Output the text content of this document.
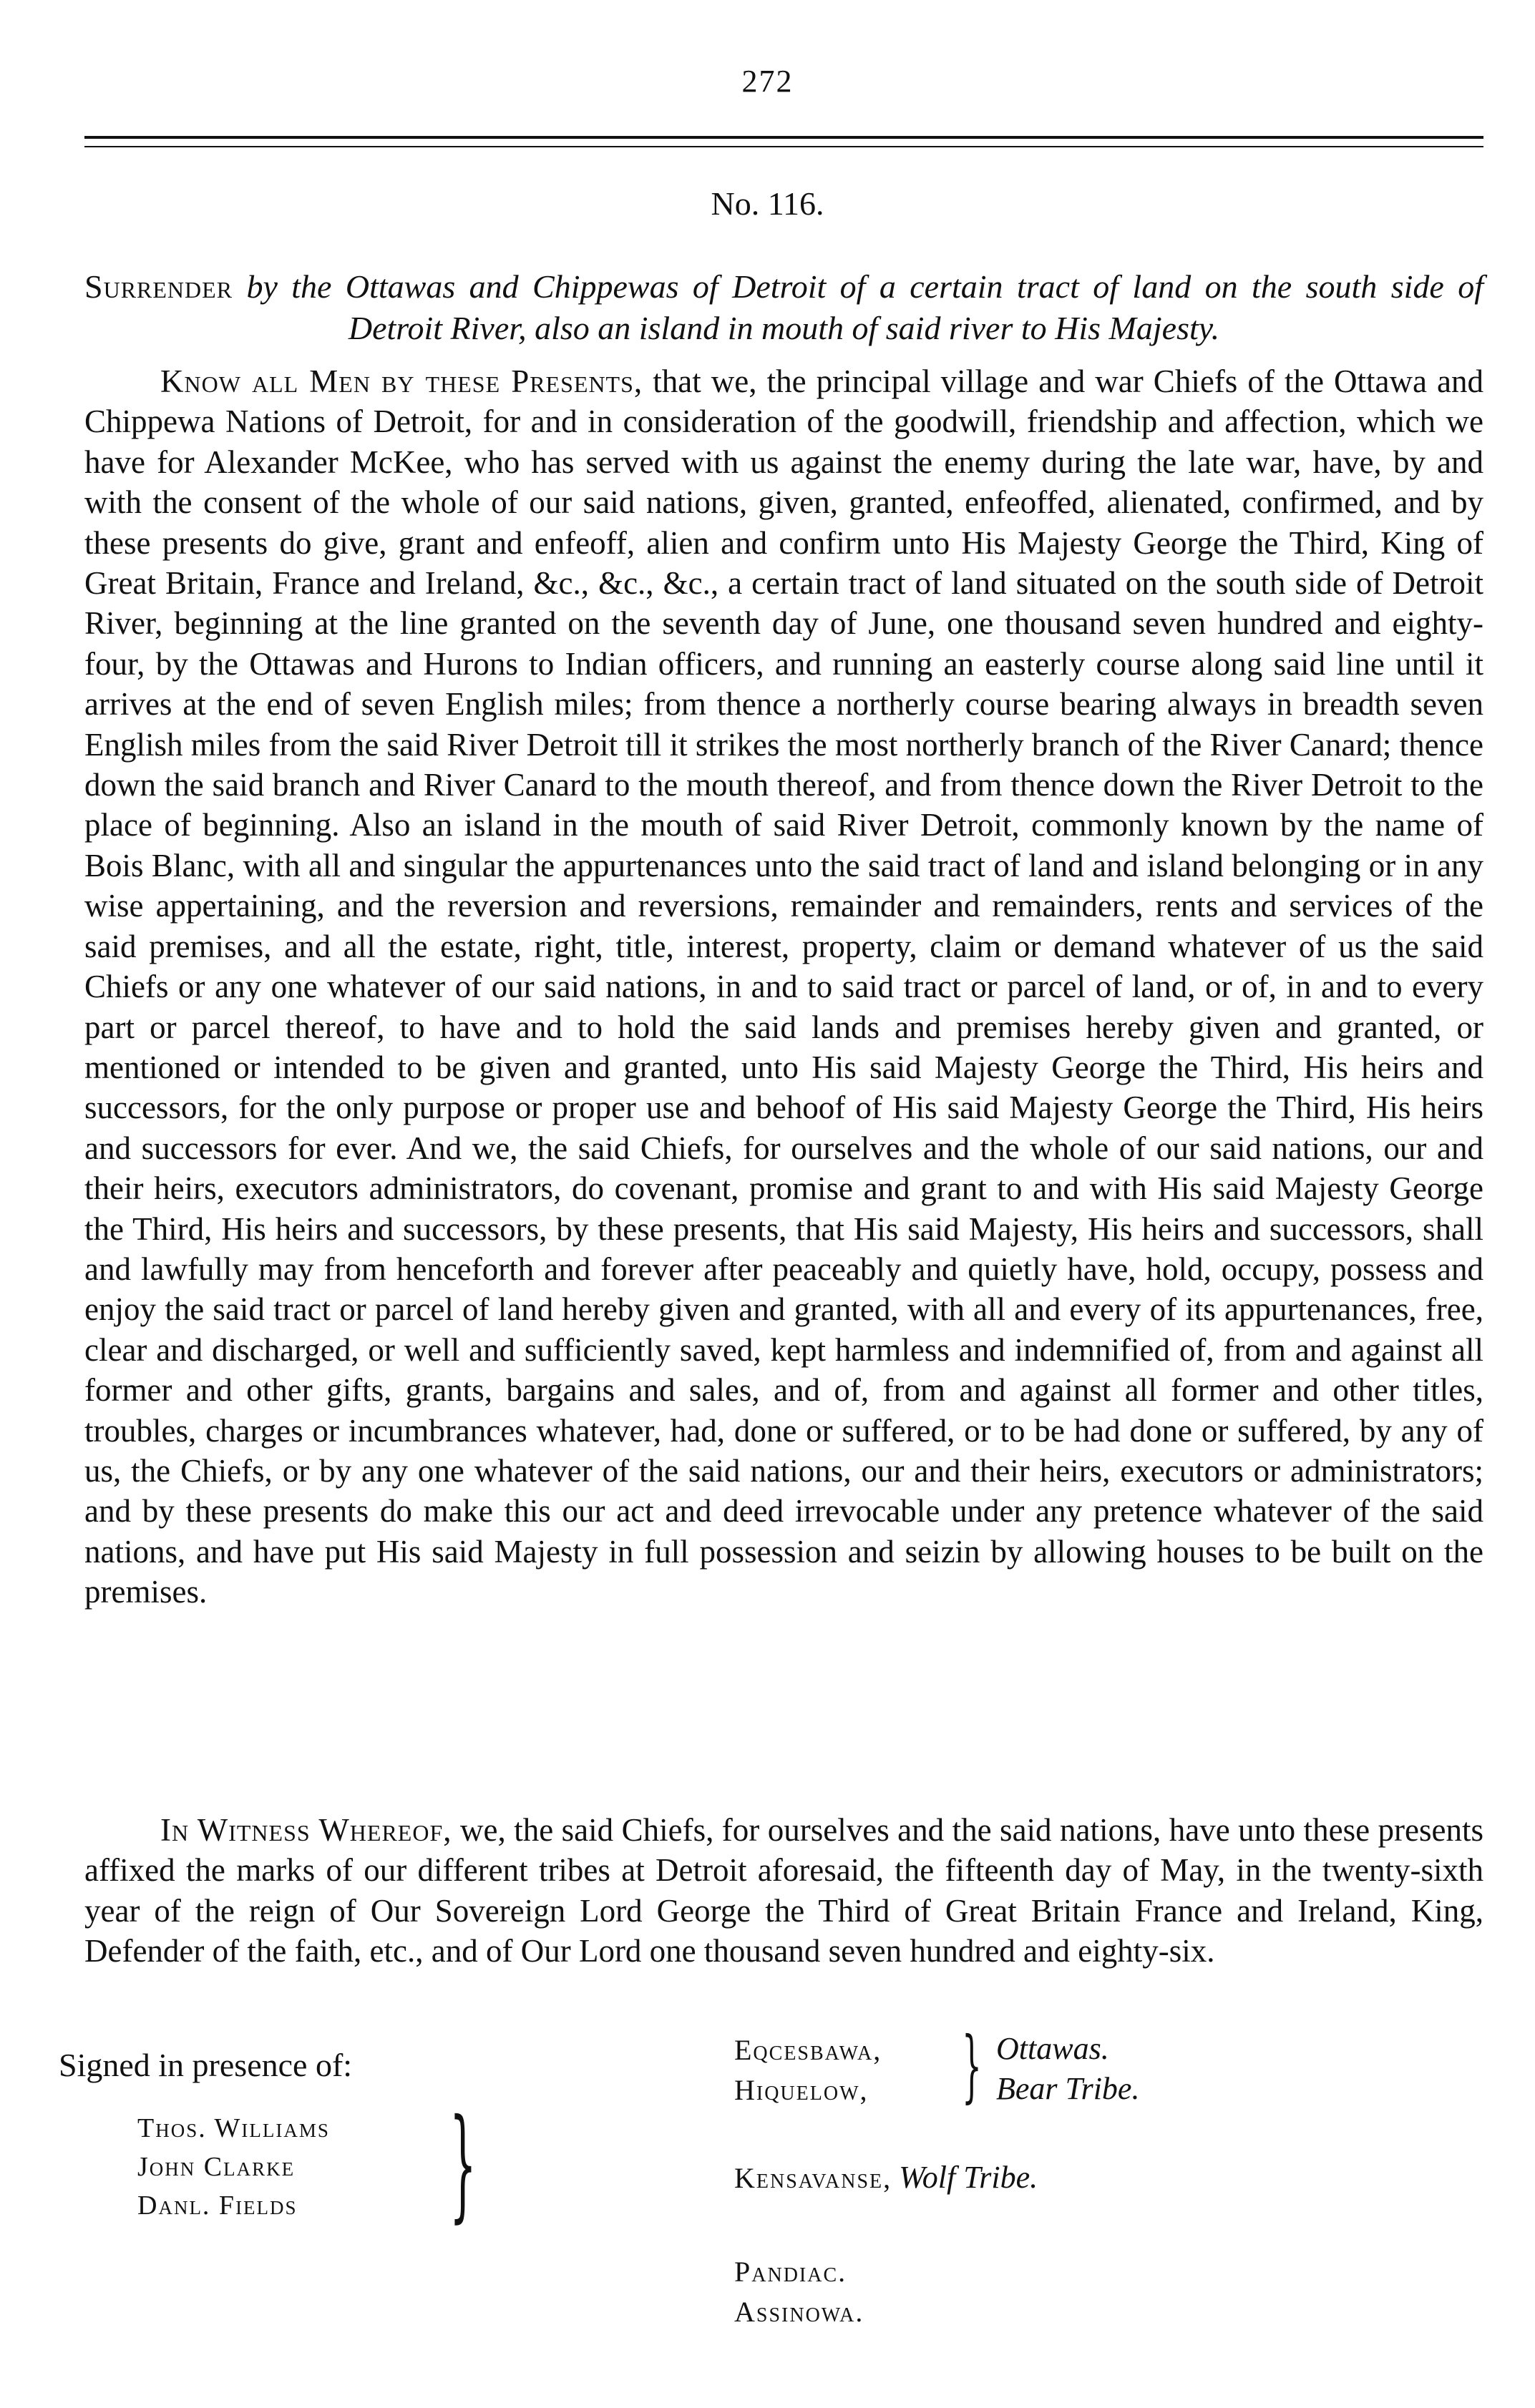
272
No. 116.
Surrender by the Ottawas and Chippewas of Detroit of a certain tract of land on the south side of Detroit River, also an island in mouth of said river to His Majesty.

Know all Men by these Presents, that we, the principal village and war Chiefs of the Ottawa and Chippewa Nations of Detroit, for and in consideration of the goodwill, friendship and affection, which we have for Alexander McKee, who has served with us against the enemy during the late war, have, by and with the consent of the whole of our said nations, given, granted, enfeoffed, alienated, confirmed, and by these presents do give, grant and enfeoff, alien and confirm unto His Majesty George the Third, King of Great Britain, France and Ireland, &c., &c., &c., a certain tract of land situated on the south side of Detroit River, beginning at the line granted on the seventh day of June, one thousand seven hundred and eighty-four, by the Ottawas and Hurons to Indian officers, and running an easterly course along said line until it arrives at the end of seven English miles; from thence a northerly course bearing always in breadth seven English miles from the said River Detroit till it strikes the most northerly branch of the River Canard; thence down the said branch and River Canard to the mouth thereof, and from thence down the River Detroit to the place of beginning. Also an island in the mouth of said River Detroit, commonly known by the name of Bois Blanc, with all and singular the appurtenances unto the said tract of land and island belonging or in any wise appertaining, and the reversion and reversions, remainder and remainders, rents and services of the said premises, and all the estate, right, title, interest, property, claim or demand whatever of us the said Chiefs or any one whatever of our said nations, in and to said tract or parcel of land, or of, in and to every part or parcel thereof, to have and to hold the said lands and premises hereby given and granted, or mentioned or intended to be given and granted, unto His said Majesty George the Third, His heirs and successors, for the only purpose or proper use and behoof of His said Majesty George the Third, His heirs and successors for ever. And we, the said Chiefs, for ourselves and the whole of our said nations, our and their heirs, executors administrators, do covenant, promise and grant to and with His said Majesty George the Third, His heirs and successors, by these presents, that His said Majesty, His heirs and successors, shall and lawfully may from henceforth and forever after peaceably and quietly have, hold, occupy, possess and enjoy the said tract or parcel of land hereby given and granted, with all and every of its appurtenances, free, clear and discharged, or well and sufficiently saved, kept harmless and indemnified of, from and against all former and other gifts, grants, bargains and sales, and of, from and against all former and other titles, troubles, charges or incumbrances whatever, had, done or suffered, or to be had done or suffered, by any of us, the Chiefs, or by any one whatever of the said nations, our and their heirs, executors or administrators; and by these presents do make this our act and deed irrevocable under any pretence whatever of the said nations, and have put His said Majesty in full possession and seizin by allowing houses to be built on the premises.

In Witness Whereof, we, the said Chiefs, for ourselves and the said nations, have unto these presents affixed the marks of our different tribes at Detroit aforesaid, the fifteenth day of May, in the twenty-sixth year of the reign of Our Sovereign Lord George the Third of Great Britain France and Ireland, King, Defender of the faith, etc., and of Our Lord one thousand seven hundred and eighty-six.

Signed in presence of:
Thos. Williams
John Clarke
Danl. Fields }
Eqcesbawa,
Hiquelow, } Ottawas.
Bear Tribe.
Kensavanse, Wolf Tribe.
Pandiac.
Assinowa.
